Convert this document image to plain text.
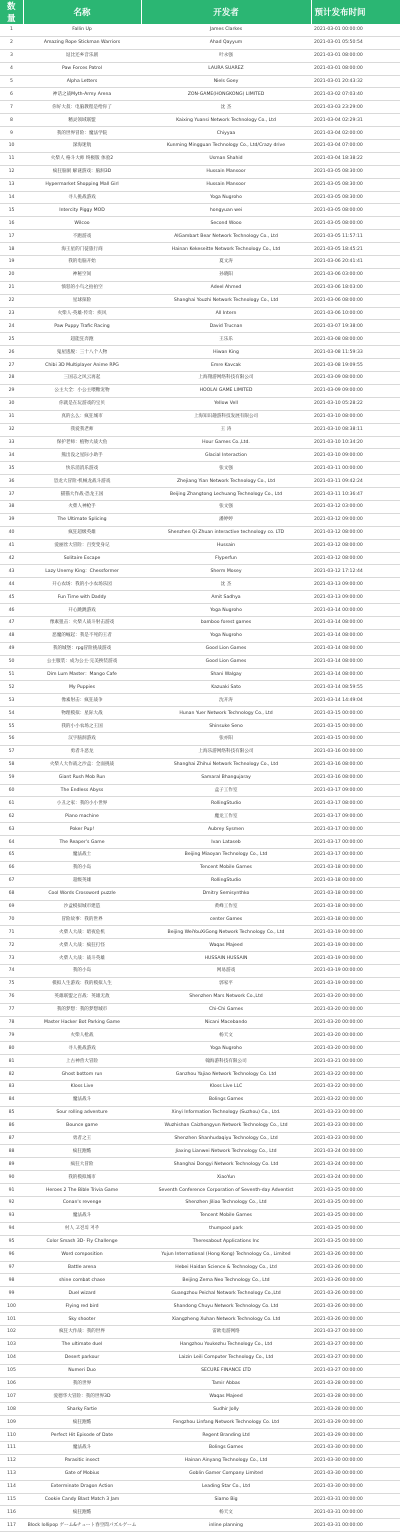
数量	名称	开发者	预计发布时间
1	Fallin Up	James Clarkes	2021-03-01 00:00:00
2	Amazing Rope Stickman Warriors	Ahad Qayyum	2021-03-01 05:50:54
3	逗比还乡音乐剧	叶永强	2021-03-01 08:00:00
4	Paw Forces Patrol	LAURA SUAREZ	2021-03-01 08:00:00
5	Alpha Letters	Niels Goey	2021-03-01 20:43:32
6	神话之战Myth-Army Arena	ZON-GAME(HONGKONG) LIMITED	2021-03-02 07:03:40
7	你好大叔：电脑教程是给你了	沈 杰	2021-03-03 23:29:00
8	精灵领域联盟	Kaixing Yuansi Network Technology Co., Ltd	2021-03-04 02:29:31
9	我的世界冒险：魔法学院	Chiyyaa	2021-03-04 02:00:00
10	深海迷航	Kunming Mingguan Technology Co., Ltd/Crazy drive	2021-03-04 07:00:00
11	火柴人 格斗大师 终极版 体验2	Usman Shahid	2021-03-04 18:38:22
12	疯狂脑洞 解谜游戏：脑洞3D	Hussain Mansoor	2021-03-05 08:30:00
13	Hypermarket Shopping Mall Girl	Hussain Mansoor	2021-03-05 08:30:00
14	寻人挑战游戏	Yoga Nugroho	2021-03-05 08:30:00
15	Intercity Piggy MOD	hongyuan wei	2021-03-05 08:00:00
16	Wilcoo	Second Wooo	2021-03-05 08:00:00
17	不跑游戏	AlGambart Bear Network Technology Co., Ltd	2021-03-05 11:57:11
18	海王星的门徒旅行商	Hainan Kekeseitte Network Technology Co., Ltd	2021-03-05 18:45:21
19	我的电脑开始	夏文涛	2021-03-06 20:41:41
20	神秘空间	孙晓阳	2021-03-06 03:00:00
21	愤怒的小鸟之拍拍空	Adeel Ahmed	2021-03-06 18:03:00
22	星球探险	Shanghai Youzhi Network Technology Co., Ltd	2021-03-06 08:00:00
23	火柴人·英雄·传奇：疾风	All Intern	2021-03-06 10:00:00
24	Paw Puppy Trafic Racing	David Trucnan	2021-03-07 19:38:00
25	超能狂奔跑	王乐乐	2021-03-08 08:00:00
26	鬼屋逃脱：三十八个人物	Hiwan King	2021-03-08 11:59:33
27	Chibi 3D Multiplayer Anime RPG	Emre Kavcak	2021-03-08 19:09:55
28	三国志之风云再起	上海翔游网络科技有限公司	2021-03-09 08:00:00
29	公主大全：小公主喂糖宠物	HOOLAI GAME LIMITED	2021-03-09 09:00:00
30	你就是在玩游戏的宝贝	Yellow Vell	2021-03-10 05:28:22
31	真的么么：疯狂城市	上海知识趣游科技发展有限公司	2021-03-10 08:00:00
32	我爱我老师	王 涛	2021-03-10 08:38:11
33	保护老师：植物大战大鱼	Hour Games Co.,Ltd.	2021-03-10 10:34:20
34	熊出没之星际小助手	Glacial Interaction	2021-03-10 09:00:00
35	快乐消消乐游戏	张文强	2021-03-11 00:00:00
36	恐龙大冒险·机械龙战斗游戏	Zhejiang Yian Network Technology Co., Ltd	2021-03-11 09:42:24
37	猫猫大作战·恐龙王国	Beijing Zhangtong Lechuang Technology Co., Ltd	2021-03-11 10:36:47
38	火柴人神枪手	张文强	2021-03-12 03:00:00
39	The Ultimate Splicing	潘婷婷	2021-03-12 09:00:00
40	疯狂超级英雄	Shenzhen Qi Zhuan interactive technology co. LTD	2021-03-12 08:00:00
41	爱丽丝大冒险：百变变身记	Hussain	2021-03-12 08:00:00
42	Solitaire Escape	Flyperfun	2021-03-12 08:00:00
43	Lazy Unemy King：Chessformer	Sherm Mosey	2021-03-12 17:12:44
44	开心农场：我的小小农场乐园	沈 杰	2021-03-13 09:00:00
45	Fun Time with Daddy	Amit Sadhya	2021-03-13 09:00:00
46	开心跳跳游戏	Yoga Nugroho	2021-03-14 00:00:00
47	像素狙击：火柴人战斗射击游戏	bamboo forest games	2021-03-14 08:00:00
48	恶魔的崛起：我是不死的王者	Yoga Nugroho	2021-03-14 08:00:00
49	我的城堡：rpg冒险挑战游戏	Good Lion Games	2021-03-14 08:00:00
50	公主服装：成为公主·完美换装游戏	Good Lion Games	2021-03-14 08:00:00
51	Dim Lum Master：Mango Cafe	Shani Walgay	2021-03-14 08:00:00
52	My Puppies	Kazuaki Sato	2021-03-14 08:59:55
53	像素射击：疯狂战争	沈开涛	2021-03-14 14:49:04
54	物理模拟：星际大战	Hunan Yuer Network Technology Co., Ltd	2021-03-15 00:00:00
55	我的小小农场之王国	Shinsuke Seno	2021-03-15 00:00:00
56	汉字脑洞游戏	张亦阳	2021-03-15 00:00:00
57	勇者斗恶龙	上海乐游网络科技有限公司	2021-03-16 00:00:00
58	火柴人大作战之沙盒：全面挑战	Shanghai Zhihui Network Technology Co., Ltd	2021-03-16 08:00:00
59	Giant Rush Mob Run	Samaral Bhangujaray	2021-03-16 08:00:00
60	The Endless Abyss	盒子工作室	2021-03-17 09:00:00
61	小丑之家：我的小小世界	RollingStudio	2021-03-17 08:00:00
62	Piano machine	魔龙工作室	2021-03-17 09:00:00
63	Poker Pup!	Aubrey Sysmen	2021-03-17 00:00:00
64	The Reaper's Game	Ivan Lataseb	2021-03-17 00:00:00
65	魔法战士	Beijing Miaoyan Technology Co., Ltd	2021-03-17 00:00:00
66	我的小岛	Tencent Mobile Games	2021-03-18 00:00:00
67	超级英雄	RollingStudio	2021-03-18 00:00:00
68	Cool Words Crossword puzzle	Dmitry Semisynthko	2021-03-18 00:00:00
69	沙盒模拟城市建造	黄峰工作室	2021-03-18 00:00:00
70	冒险故事：我的世界	center Games	2021-03-18 00:00:00
71	火柴人大战：暗夜危机	Beijing WeiYouXiGong Network Technology Co., Ltd	2021-03-19 00:00:00
72	火柴人大战：疯狂打怪	Waqas Majeed	2021-03-19 00:00:00
73	火柴人大战：战斗英雄	HUSSAIN HUSSAIN	2021-03-19 00:00:00
74	我的小岛	网易游戏	2021-03-19 00:00:00
75	模拟人生游戏：我的模拟人生	郭家平	2021-03-19 00:00:00
76	英雄联盟之百战：英雄无敌	Shenzhen Mars Network Co.,Ltd	2021-03-20 00:00:00
77	我的梦想：我的梦想城市	Chi-Chi Games	2021-03-20 00:00:00
78	Master Hacker Bot Parking Game	Nicani Macebando	2021-03-20 00:00:00
79	火柴人枪战	杨天文	2021-03-20 00:00:00
80	寻人挑战游戏	Yoga Nugroho	2021-03-20 00:00:00
81	上古神兽大冒险	翰海游科技有限公司	2021-03-21 00:00:00
82	Ghost bottom run	Ganzhou Yajiao Network Technology Co. Ltd	2021-03-22 00:00:00
83	Kloss Live	Kloss Live LLC	2021-03-22 00:00:00
84	魔法战斗	Bolings Games	2021-03-22 00:00:00
85	Sour rolling adventure	Xinyi Information Technology (Suzhou) Co., Ltd.	2021-03-23 00:00:00
86	Bounce game	Wuzhishan Caizhongyun Network Technology Co., Ltd	2021-03-23 00:00:00
87	勇者之王	Shenzhen Shanhudaqiyu Technology Co., Ltd	2021-03-23 00:00:00
88	疯狂跑酷	Jiaxing Lianwei Network Technology Co., Ltd	2021-03-24 00:00:00
89	疯狂大冒险	Shanghai Dongyi Network Technology Co. Ltd	2021-03-24 00:00:00
90	我的模拟城市	XiaoYun	2021-03-24 00:00:00
91	Heroes 2 The Bible Trivia Game	Seventh Conference Corporation of Seventh-day Adventist	2021-03-25 00:00:00
92	Conan's revenge	Shenzhen Jiliao Technology Co., Ltd	2021-03-25 00:00:00
93	魔法战斗	Tencent Mobile Games	2021-03-25 00:00:00
94	村人 고전의 저주	thumpool park	2021-03-25 00:00:00
95	Color Smash 3D- Fly Challenge	Theresabout Applications Inc	2021-03-25 00:00:00
96	Word composition	Yujun International (Hong Kong) Technology Co., Limited	2021-03-26 00:00:00
97	Battle arena	Hebei Haidan Science & Technology Co., Ltd	2021-03-26 00:00:00
98	shine combat chase	Beijing Zema Neo Technology Co., Ltd	2021-03-26 00:00:00
99	Duel wizard	Guangzhou Peichal Network Technology Co.,Ltd	2021-03-26 00:00:00
100	Flying red bird	Shandong Chuyu Network Technology Co. Ltd	2021-03-26 00:00:00
101	Sky shooter	Xiangzheng Xuhan Network Technology Co. Ltd	2021-03-26 00:00:00
102	疯狂大作战：我的世界	雷欧电游网络	2021-03-27 00:00:00
103	The ultimate duel	Hangzhou Youkezhu Technology Co., Ltd	2021-03-27 00:00:00
104	Desert parkour	Laizin Leili Computer Technology Co., Ltd	2021-03-27 00:00:00
105	Numeri Duo	SECURE FINANCE LTD	2021-03-27 00:00:00
106	我的世界	Tamir Abbas	2021-03-28 00:00:00
107	爱德华大冒险：我的世界3D	Waqas Majeed	2021-03-28 00:00:00
108	Sharky Fartie	Sudhir Jolly	2021-03-28 00:00:00
109	疯狂跑酷	Fengzhou Linfang Network Technology Co. Ltd	2021-03-29 00:00:00
110	Perfect Hit Episode of Date	Regent Branding Ltd	2021-03-29 00:00:00
111	魔法战斗	Bolings Games	2021-03-30 00:00:00
112	Parasitic insect	Hainan Ainyang Technology Co., Ltd	2021-03-30 00:00:00
113	Gate of Mobius	Goblin Gamer Company Limited	2021-03-30 00:00:00
114	Exterminate Dragon Action	Leading Star Co., Ltd	2021-03-30 00:00:00
115	Cookie Candy Blast Match 3 Jam	Siamo Big	2021-03-31 00:00:00
116	疯狂跑酷	杨天文	2021-03-31 00:00:00
117	Block lollipop ゲーム&チュート春空間パズルゲーム	inline planning	2021-03-31 00:00:00
